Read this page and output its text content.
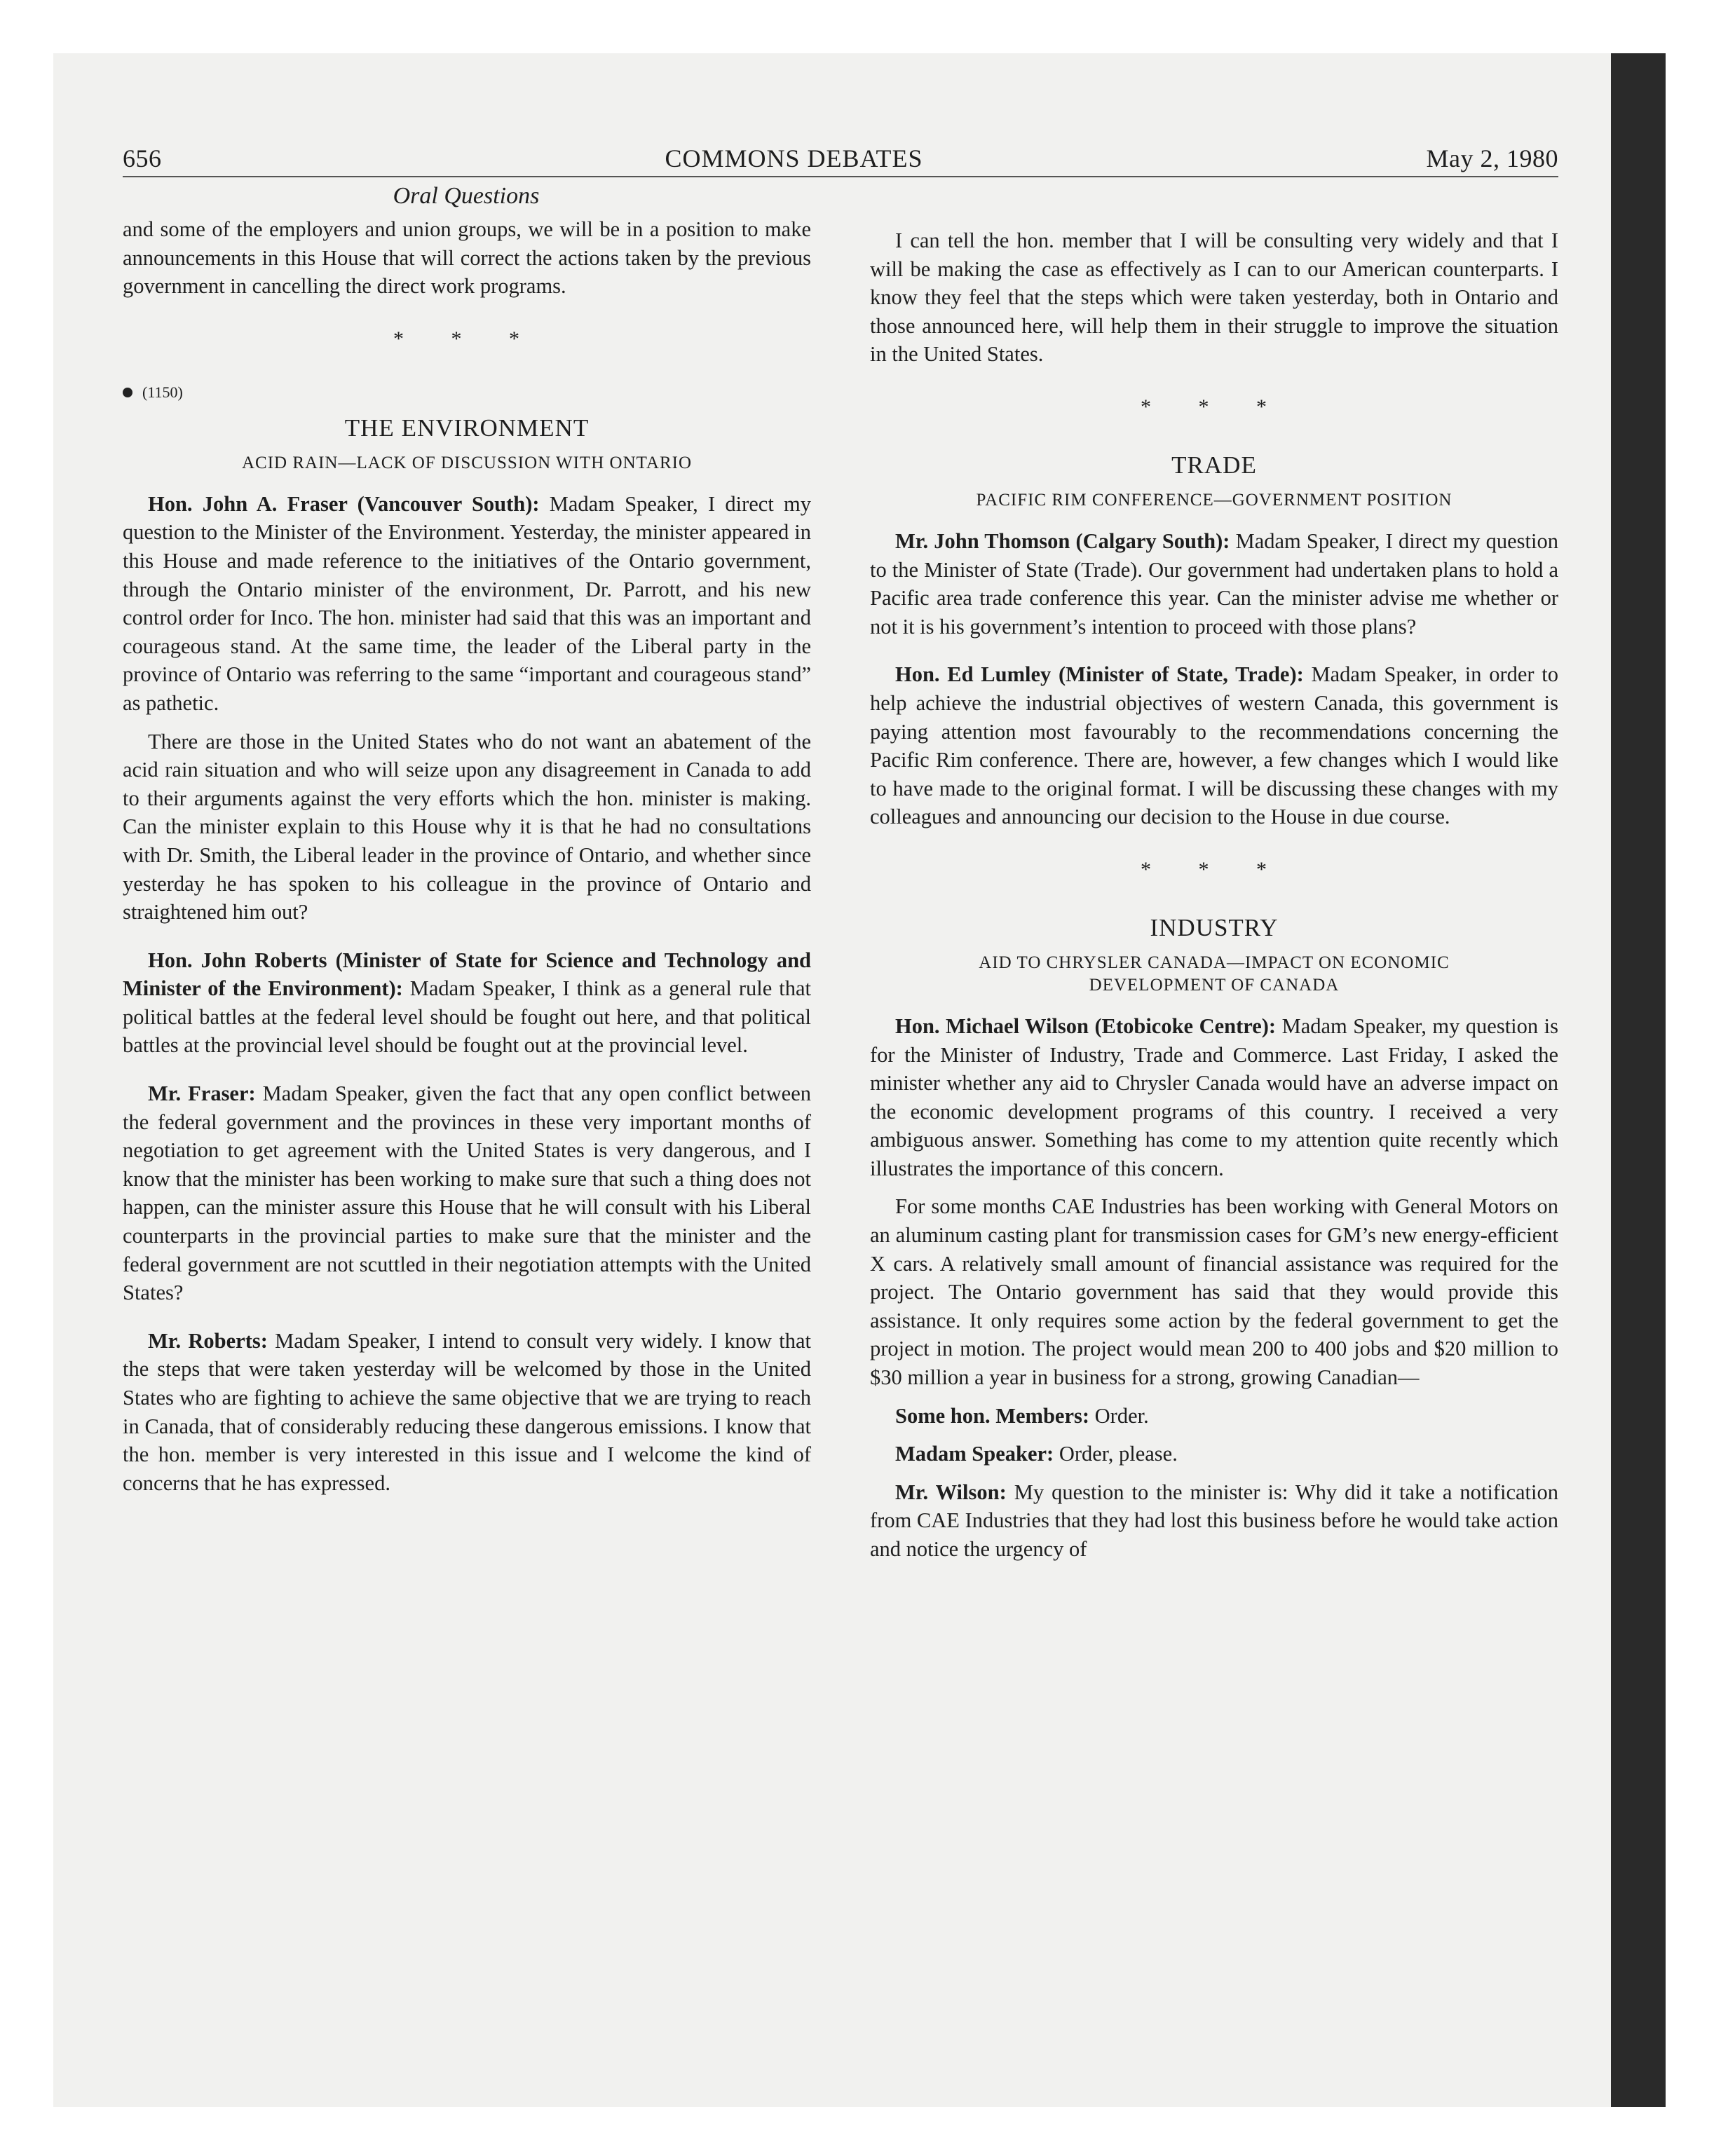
656	COMMONS DEBATES	May 2, 1980
Oral Questions

and some of the employers and union groups, we will be in a position to make announcements in this House that will correct the actions taken by the previous government in cancelling the direct work programs.

* * *
(1150)
THE ENVIRONMENT
ACID RAIN—LACK OF DISCUSSION WITH ONTARIO

Hon. John A. Fraser (Vancouver South): Madam Speaker, I direct my question to the Minister of the Environment. Yesterday, the minister appeared in this House and made reference to the initiatives of the Ontario government, through the Ontario minister of the environment, Dr. Parrott, and his new control order for Inco. The hon. minister had said that this was an important and courageous stand. At the same time, the leader of the Liberal party in the province of Ontario was referring to the same “important and courageous stand” as pathetic.

There are those in the United States who do not want an abatement of the acid rain situation and who will seize upon any disagreement in Canada to add to their arguments against the very efforts which the hon. minister is making. Can the minister explain to this House why it is that he had no consultations with Dr. Smith, the Liberal leader in the province of Ontario, and whether since yesterday he has spoken to his colleague in the province of Ontario and straightened him out?

Hon. John Roberts (Minister of State for Science and Technology and Minister of the Environment): Madam Speaker, I think as a general rule that political battles at the federal level should be fought out here, and that political battles at the provincial level should be fought out at the provincial level.

Mr. Fraser: Madam Speaker, given the fact that any open conflict between the federal government and the provinces in these very important months of negotiation to get agreement with the United States is very dangerous, and I know that the minister has been working to make sure that such a thing does not happen, can the minister assure this House that he will consult with his Liberal counterparts in the provincial parties to make sure that the minister and the federal government are not scuttled in their negotiation attempts with the United States?

Mr. Roberts: Madam Speaker, I intend to consult very widely. I know that the steps that were taken yesterday will be welcomed by those in the United States who are fighting to achieve the same objective that we are trying to reach in Canada, that of considerably reducing these dangerous emissions. I know that the hon. member is very interested in this issue and I welcome the kind of concerns that he has expressed.

I can tell the hon. member that I will be consulting very widely and that I will be making the case as effectively as I can to our American counterparts. I know they feel that the steps which were taken yesterday, both in Ontario and those announced here, will help them in their struggle to improve the situation in the United States.

* * *
TRADE
PACIFIC RIM CONFERENCE—GOVERNMENT POSITION

Mr. John Thomson (Calgary South): Madam Speaker, I direct my question to the Minister of State (Trade). Our government had undertaken plans to hold a Pacific area trade conference this year. Can the minister advise me whether or not it is his government’s intention to proceed with those plans?

Hon. Ed Lumley (Minister of State, Trade): Madam Speaker, in order to help achieve the industrial objectives of western Canada, this government is paying attention most favourably to the recommendations concerning the Pacific Rim conference. There are, however, a few changes which I would like to have made to the original format. I will be discussing these changes with my colleagues and announcing our decision to the House in due course.

* * *
INDUSTRY
AID TO CHRYSLER CANADA—IMPACT ON ECONOMIC
DEVELOPMENT OF CANADA

Hon. Michael Wilson (Etobicoke Centre): Madam Speaker, my question is for the Minister of Industry, Trade and Commerce. Last Friday, I asked the minister whether any aid to Chrysler Canada would have an adverse impact on the economic development programs of this country. I received a very ambiguous answer. Something has come to my attention quite recently which illustrates the importance of this concern.

For some months CAE Industries has been working with General Motors on an aluminum casting plant for transmission cases for GM’s new energy-efficient X cars. A relatively small amount of financial assistance was required for the project. The Ontario government has said that they would provide this assistance. It only requires some action by the federal government to get the project in motion. The project would mean 200 to 400 jobs and $20 million to $30 million a year in business for a strong, growing Canadian—

Some hon. Members: Order.

Madam Speaker: Order, please.

Mr. Wilson: My question to the minister is: Why did it take a notification from CAE Industries that they had lost this business before he would take action and notice the urgency of
